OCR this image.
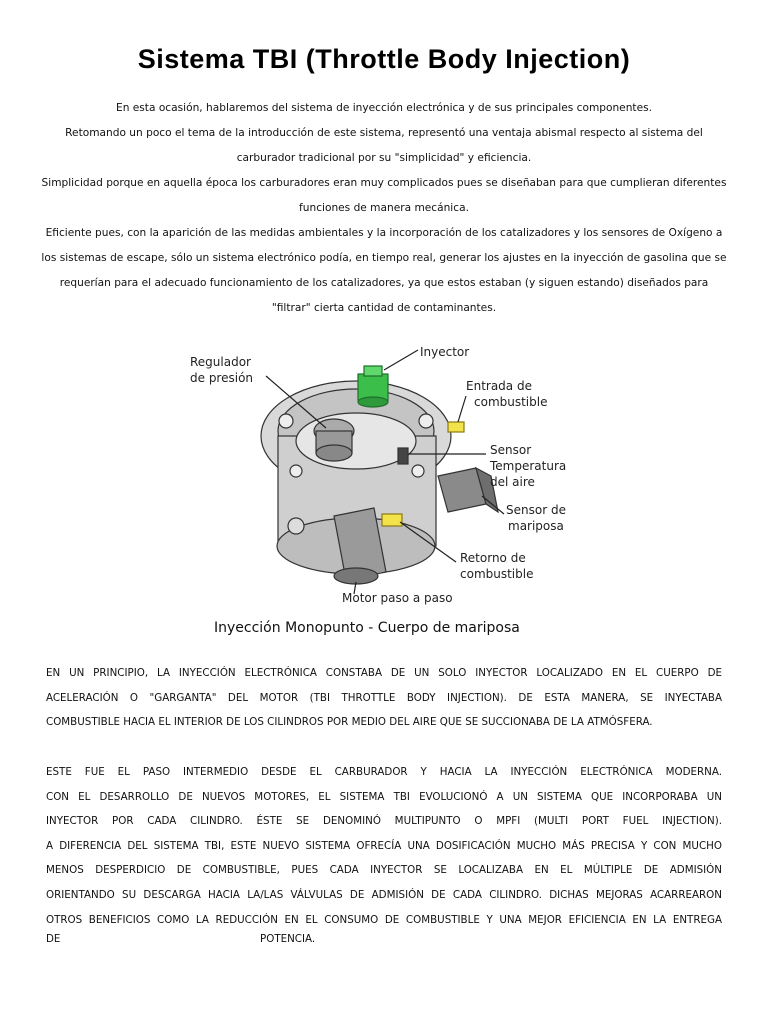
Sistema TBI (Throttle Body Injection)

En esta ocasión, hablaremos del sistema de inyección electrónica y de sus principales componentes.

Retomando un poco el tema de la introducción de este sistema, representó una ventaja abismal respecto al sistema del carburador tradicional por su "simplicidad" y eficiencia.

Simplicidad porque en aquella época los carburadores eran muy complicados pues se diseñaban para que cumplieran diferentes funciones de manera mecánica.

Eficiente pues, con la aparición de las medidas ambientales y la incorporación de los catalizadores y los sensores de Oxígeno a los sistemas de escape, sólo un sistema electrónico podía, en tiempo real, generar los ajustes en la inyección de gasolina que se requerían para el adecuado funcionamiento de los catalizadores, ya que estos estaban (y siguen estando) diseñados para "filtrar" cierta cantidad de contaminantes.

Regulador
de presión
Inyector
Entrada de
combustible
Sensor
Temperatura
del aire
Sensor de
mariposa
Retorno de
combustible
Motor paso a paso
Inyección Monopunto - Cuerpo de mariposa
EN UN PRINCIPIO, LA INYECCIÓN ELECTRÓNICA CONSTABA DE UN SOLO INYECTOR LOCALIZADO EN EL CUERPO DE
ACELERACIÓN O "GARGANTA" DEL MOTOR (TBI THROTTLE BODY INJECTION). DE ESTA MANERA, SE INYECTABA
COMBUSTIBLE HACIA EL INTERIOR DE LOS CILINDROS POR MEDIO DEL AIRE QUE SE SUCCIONABA DE LA ATMÓSFERA.
ESTE FUE EL PASO INTERMEDIO DESDE EL CARBURADOR Y HACIA LA INYECCIÓN ELECTRÓNICA MODERNA.
CON EL DESARROLLO DE NUEVOS MOTORES, EL SISTEMA TBI EVOLUCIONÓ A UN SISTEMA QUE INCORPORABA UN
INYECTOR POR CADA CILINDRO. ÉSTE SE DENOMINÓ MULTIPUNTO O MPFI (MULTI PORT FUEL INJECTION).
A DIFERENCIA DEL SISTEMA TBI, ESTE NUEVO SISTEMA OFRECÍA UNA DOSIFICACIÓN MUCHO MÁS PRECISA Y CON MUCHO
MENOS DESPERDICIO DE COMBUSTIBLE, PUES CADA INYECTOR SE LOCALIZABA EN EL MÚLTIPLE DE ADMISIÓN
ORIENTANDO SU DESCARGA HACIA LA/LAS VÁLVULAS DE ADMISIÓN DE CADA CILINDRO. DICHAS MEJORAS ACARREARON
OTROS BENEFICIOS COMO LA REDUCCIÓN EN EL CONSUMO DE COMBUSTIBLE Y UNA MEJOR EFICIENCIA EN LA ENTREGA
DE	POTENCIA.
